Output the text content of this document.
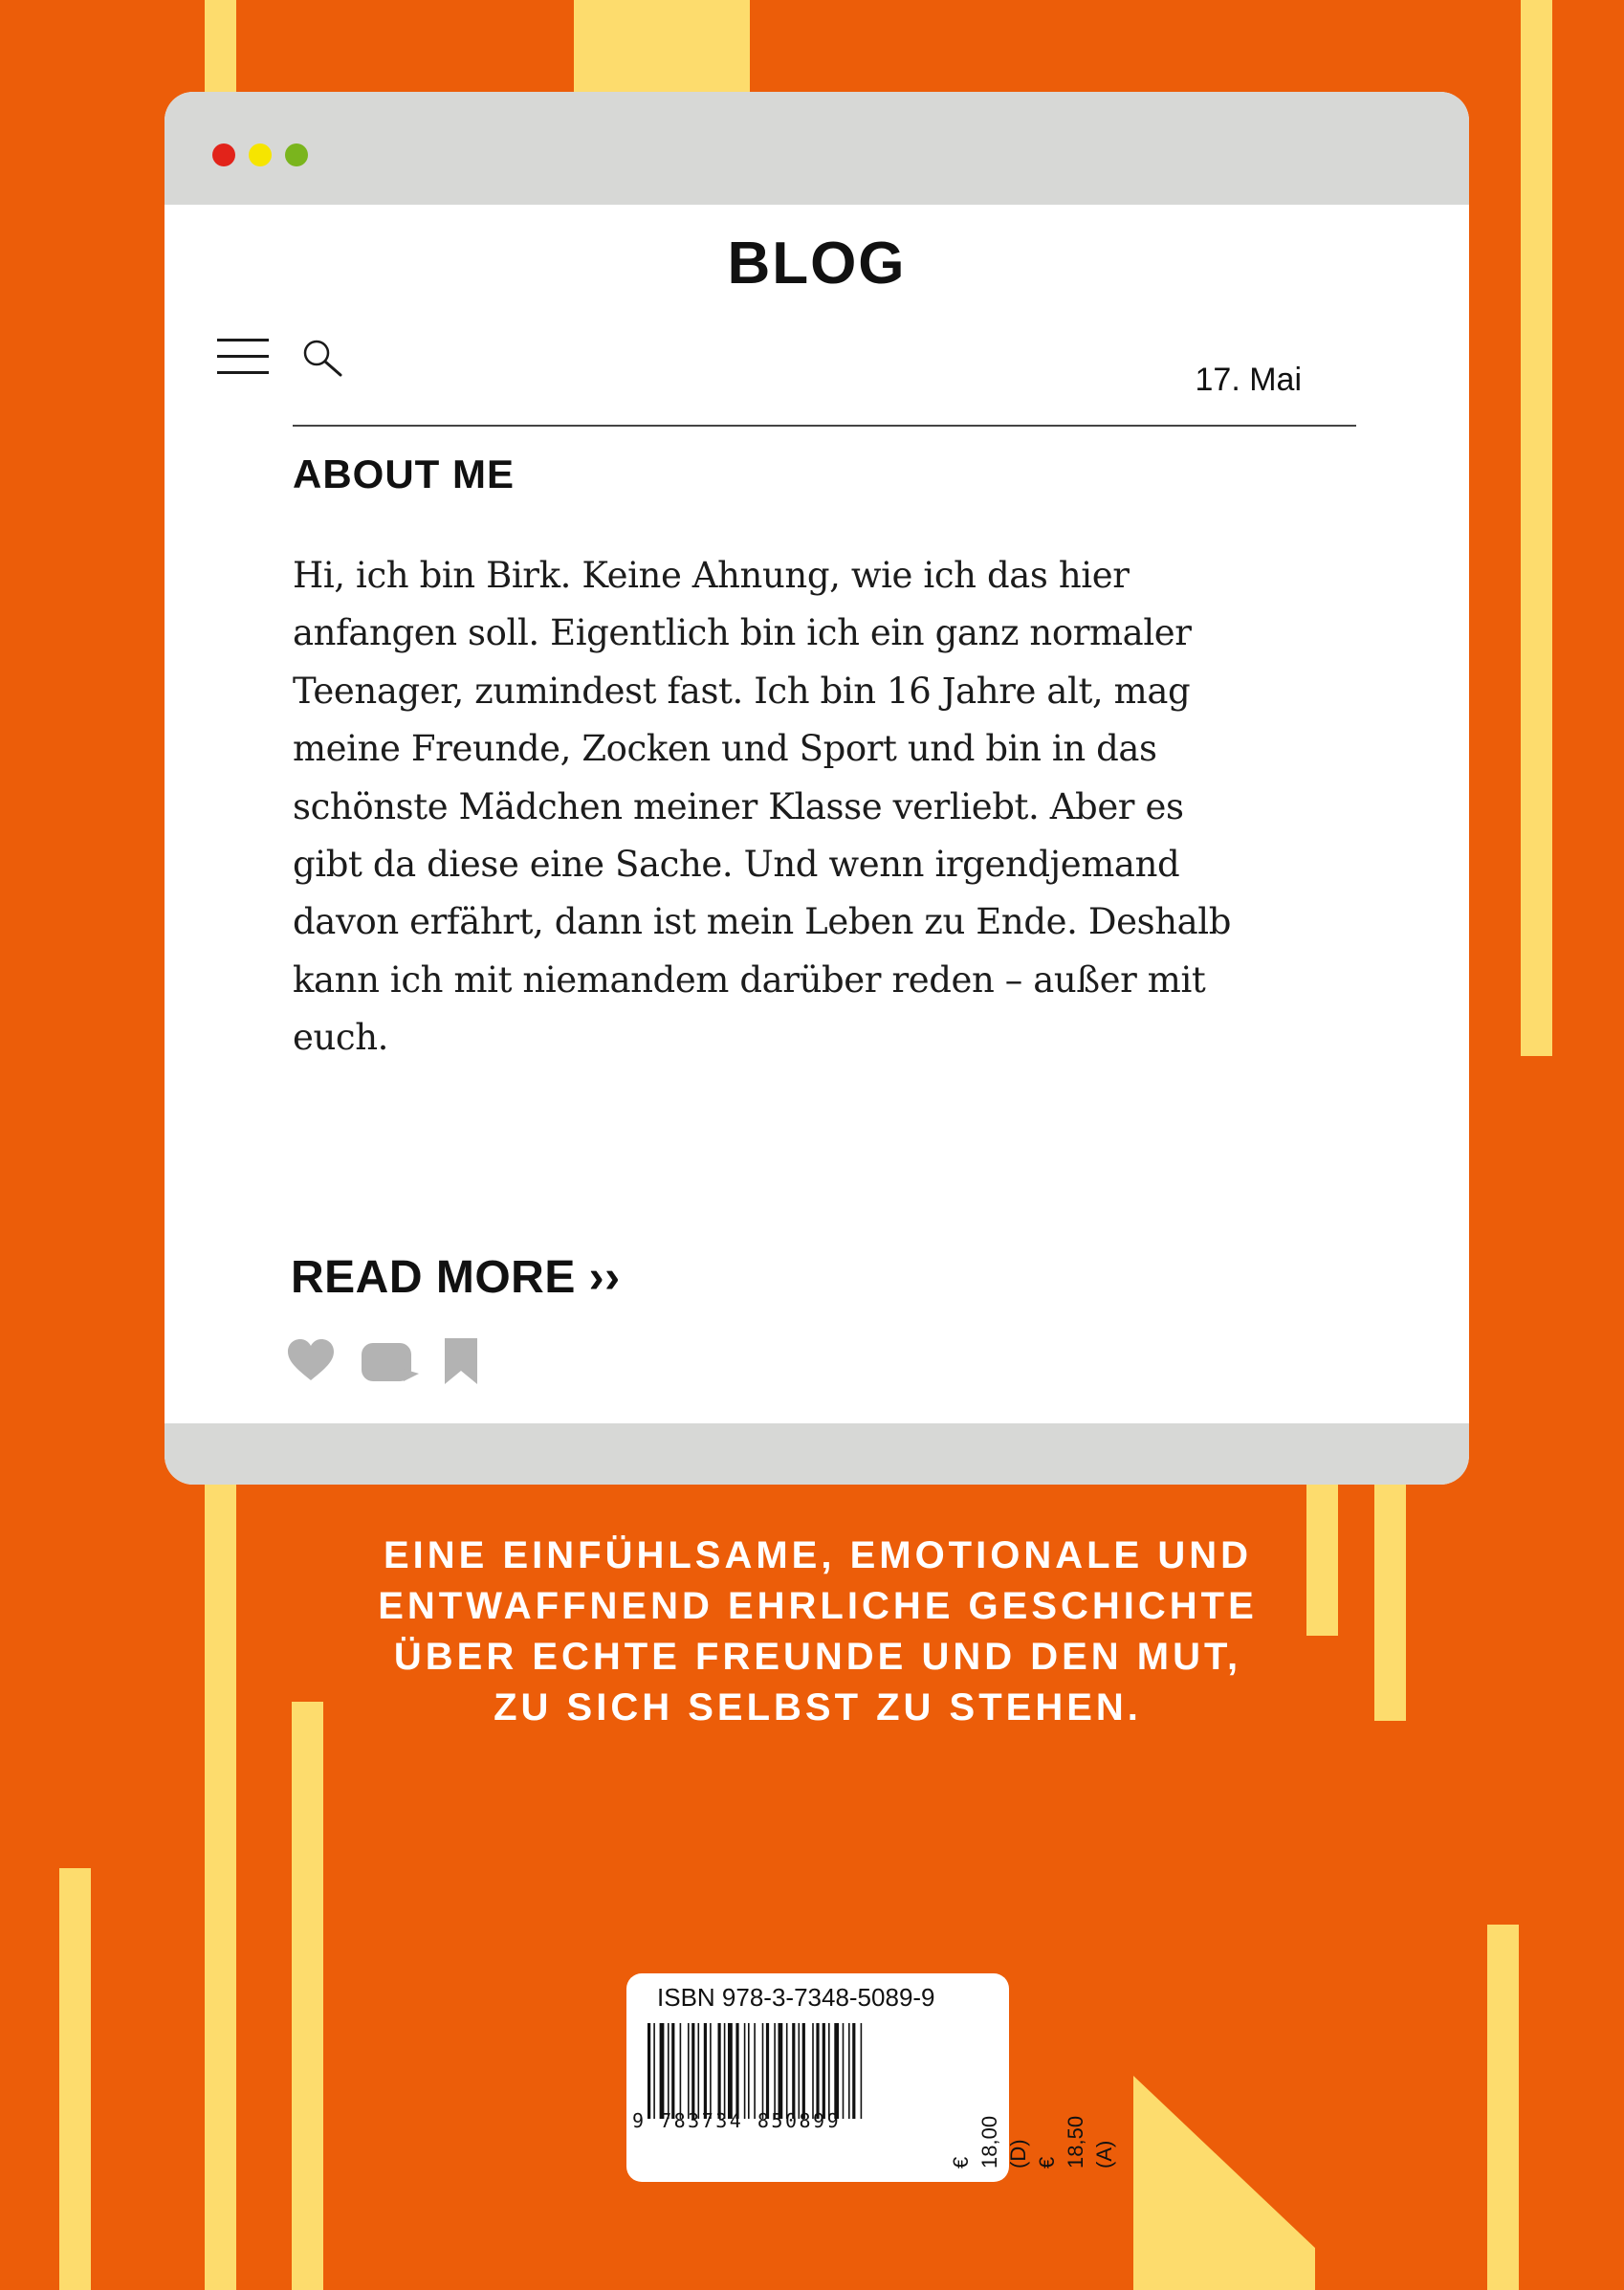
BLOG
17. Mai
ABOUT ME

Hi, ich bin Birk. Keine Ahnung, wie ich das hier anfangen soll. Eigentlich bin ich ein ganz normaler Teenager, zumindest fast. Ich bin 16 Jahre alt, mag meine Freunde, Zocken und Sport und bin in das schönste Mädchen meiner Klasse verliebt. Aber es gibt da diese eine Sache. Und wenn irgendjemand davon erfährt, dann ist mein Leben zu Ende. Deshalb kann ich mit niemandem darüber reden – außer mit euch.

READ MORE ››
EINE EINFÜHLSAME, EMOTIONALE UND
ENTWAFFNEND EHRLICHE GESCHICHTE
ÜBER ECHTE FREUNDE UND DEN MUT,
ZU SICH SELBST ZU STEHEN.
ISBN 978-3-7348-5089-9
9 783734 850899
€ 18,00 (D) € 18,50 (A)
